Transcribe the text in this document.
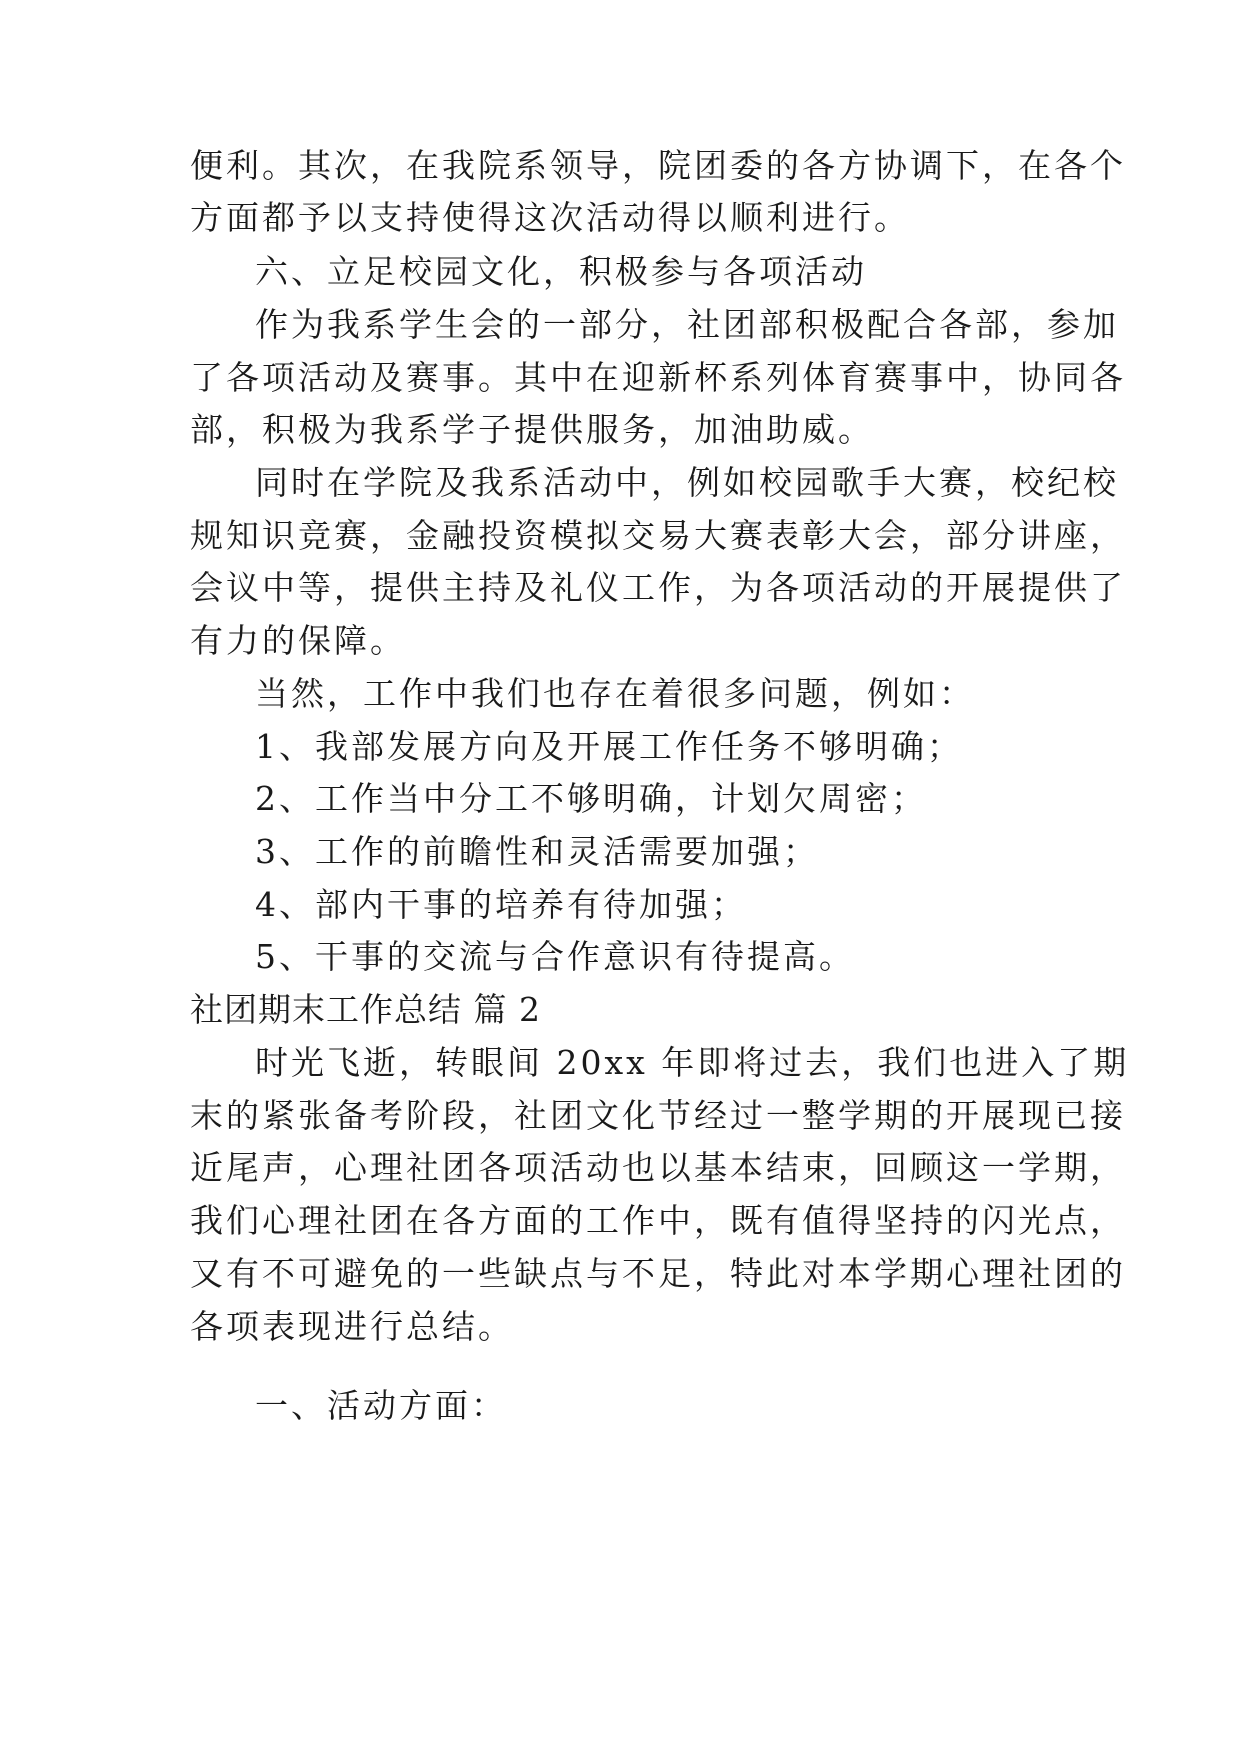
便利。其次，在我院系领导，院团委的各方协调下，在各个

方面都予以支持使得这次活动得以顺利进行。

六、立足校园文化，积极参与各项活动

作为我系学生会的一部分，社团部积极配合各部，参加

了各项活动及赛事。其中在迎新杯系列体育赛事中，协同各

部，积极为我系学子提供服务，加油助威。

同时在学院及我系活动中，例如校园歌手大赛，校纪校

规知识竞赛，金融投资模拟交易大赛表彰大会，部分讲座，

会议中等，提供主持及礼仪工作，为各项活动的开展提供了

有力的保障。

当然，工作中我们也存在着很多问题，例如：

1、我部发展方向及开展工作任务不够明确；

2、工作当中分工不够明确，计划欠周密；

3、工作的前瞻性和灵活需要加强；

4、部内干事的培养有待加强；

5、干事的交流与合作意识有待提高。

社团期末工作总结 篇 2

时光飞逝，转眼间 20xx 年即将过去，我们也进入了期

末的紧张备考阶段，社团文化节经过一整学期的开展现已接

近尾声，心理社团各项活动也以基本结束，回顾这一学期，

我们心理社团在各方面的工作中，既有值得坚持的闪光点，

又有不可避免的一些缺点与不足，特此对本学期心理社团的

各项表现进行总结。

一、活动方面：
